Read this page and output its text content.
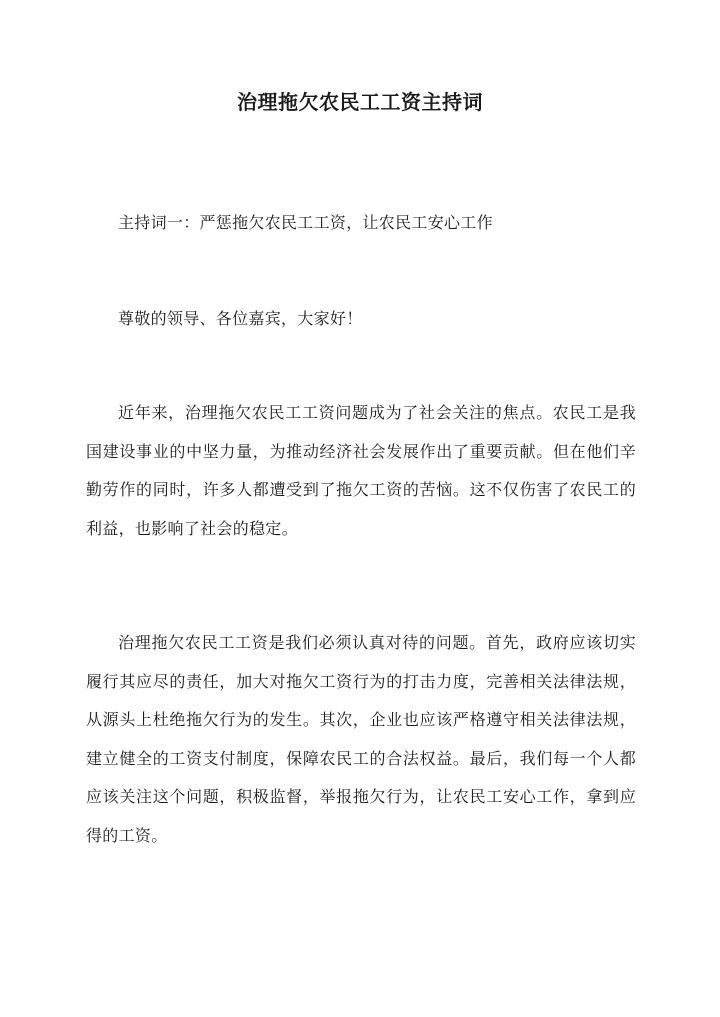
治理拖欠农民工工资主持词

主持词一：严惩拖欠农民工工资，让农民工安心工作

尊敬的领导、各位嘉宾，大家好！

近年来，治理拖欠农民工工资问题成为了社会关注的焦点。农民工是我国建设事业的中坚力量，为推动经济社会发展作出了重要贡献。但在他们辛勤劳作的同时，许多人都遭受到了拖欠工资的苦恼。这不仅伤害了农民工的利益，也影响了社会的稳定。

治理拖欠农民工工资是我们必须认真对待的问题。首先，政府应该切实履行其应尽的责任，加大对拖欠工资行为的打击力度，完善相关法律法规，从源头上杜绝拖欠行为的发生。其次，企业也应该严格遵守相关法律法规，建立健全的工资支付制度，保障农民工的合法权益。最后，我们每一个人都应该关注这个问题，积极监督，举报拖欠行为，让农民工安心工作，拿到应得的工资。
